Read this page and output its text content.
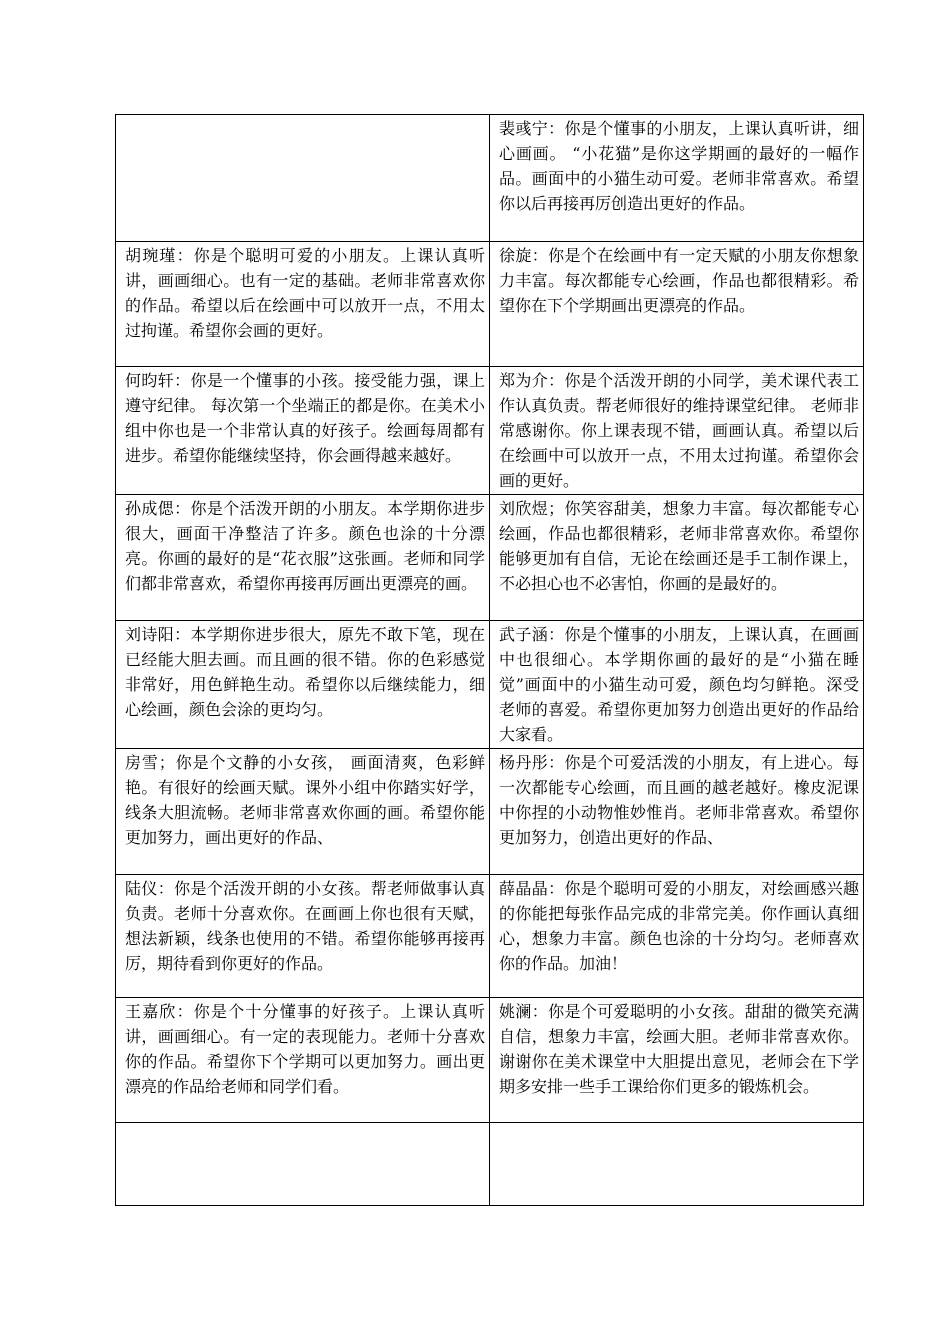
	裴彧宁：你是个懂事的小朋友，上课认真听讲，细心画画。 “小花猫”是你这学期画的最好的一幅作品。画面中的小猫生动可爱。老师非常喜欢。希望你以后再接再厉创造出更好的作品。
胡琬瑾：你是个聪明可爱的小朋友。上课认真听讲，画画细心。也有一定的基础。老师非常喜欢你的作品。希望以后在绘画中可以放开一点，不用太过拘谨。希望你会画的更好。	徐旋：你是个在绘画中有一定天赋的小朋友你想象力丰富。每次都能专心绘画，作品也都很精彩。希望你在下个学期画出更漂亮的作品。
何昀轩：你是一个懂事的小孩。接受能力强，课上遵守纪律。 每次第一个坐端正的都是你。在美术小组中你也是一个非常认真的好孩子。绘画每周都有进步。希望你能继续坚持，你会画得越来越好。	郑为介：你是个活泼开朗的小同学，美术课代表工作认真负责。帮老师很好的维持课堂纪律。 老师非常感谢你。你上课表现不错，画画认真。希望以后在绘画中可以放开一点，不用太过拘谨。希望你会画的更好。
孙成偲：你是个活泼开朗的小朋友。本学期你进步很大，画面干净整洁了许多。颜色也涂的十分漂亮。你画的最好的是“花衣服”这张画。老师和同学们都非常喜欢，希望你再接再厉画出更漂亮的画。	刘欣煜；你笑容甜美，想象力丰富。每次都能专心绘画，作品也都很精彩，老师非常喜欢你。希望你能够更加有自信，无论在绘画还是手工制作课上，不必担心也不必害怕，你画的是最好的。
刘诗阳：本学期你进步很大，原先不敢下笔，现在已经能大胆去画。而且画的很不错。你的色彩感觉非常好，用色鲜艳生动。希望你以后继续能力，细心绘画，颜色会涂的更均匀。	武子涵：你是个懂事的小朋友，上课认真，在画画中也很细心。本学期你画的最好的是“小猫在睡觉”画面中的小猫生动可爱，颜色均匀鲜艳。深受老师的喜爱。希望你更加努力创造出更好的作品给大家看。
房雪；你是个文静的小女孩， 画面清爽，色彩鲜艳。有很好的绘画天赋。课外小组中你踏实好学，线条大胆流畅。老师非常喜欢你画的画。希望你能更加努力，画出更好的作品、	杨丹彤：你是个可爱活泼的小朋友，有上进心。每一次都能专心绘画，而且画的越老越好。橡皮泥课中你捏的小动物惟妙惟肖。老师非常喜欢。希望你更加努力，创造出更好的作品、
陆仪：你是个活泼开朗的小女孩。帮老师做事认真负责。老师十分喜欢你。在画画上你也很有天赋，想法新颖，线条也使用的不错。希望你能够再接再厉，期待看到你更好的作品。	薛晶晶：你是个聪明可爱的小朋友，对绘画感兴趣的你能把每张作品完成的非常完美。你作画认真细心，想象力丰富。颜色也涂的十分均匀。老师喜欢你的作品。加油！
王嘉欣：你是个十分懂事的好孩子。上课认真听讲，画画细心。有一定的表现能力。老师十分喜欢你的作品。希望你下个学期可以更加努力。画出更漂亮的作品给老师和同学们看。	姚澜：你是个可爱聪明的小女孩。甜甜的微笑充满自信，想象力丰富，绘画大胆。老师非常喜欢你。谢谢你在美术课堂中大胆提出意见，老师会在下学期多安排一些手工课给你们更多的锻炼机会。
